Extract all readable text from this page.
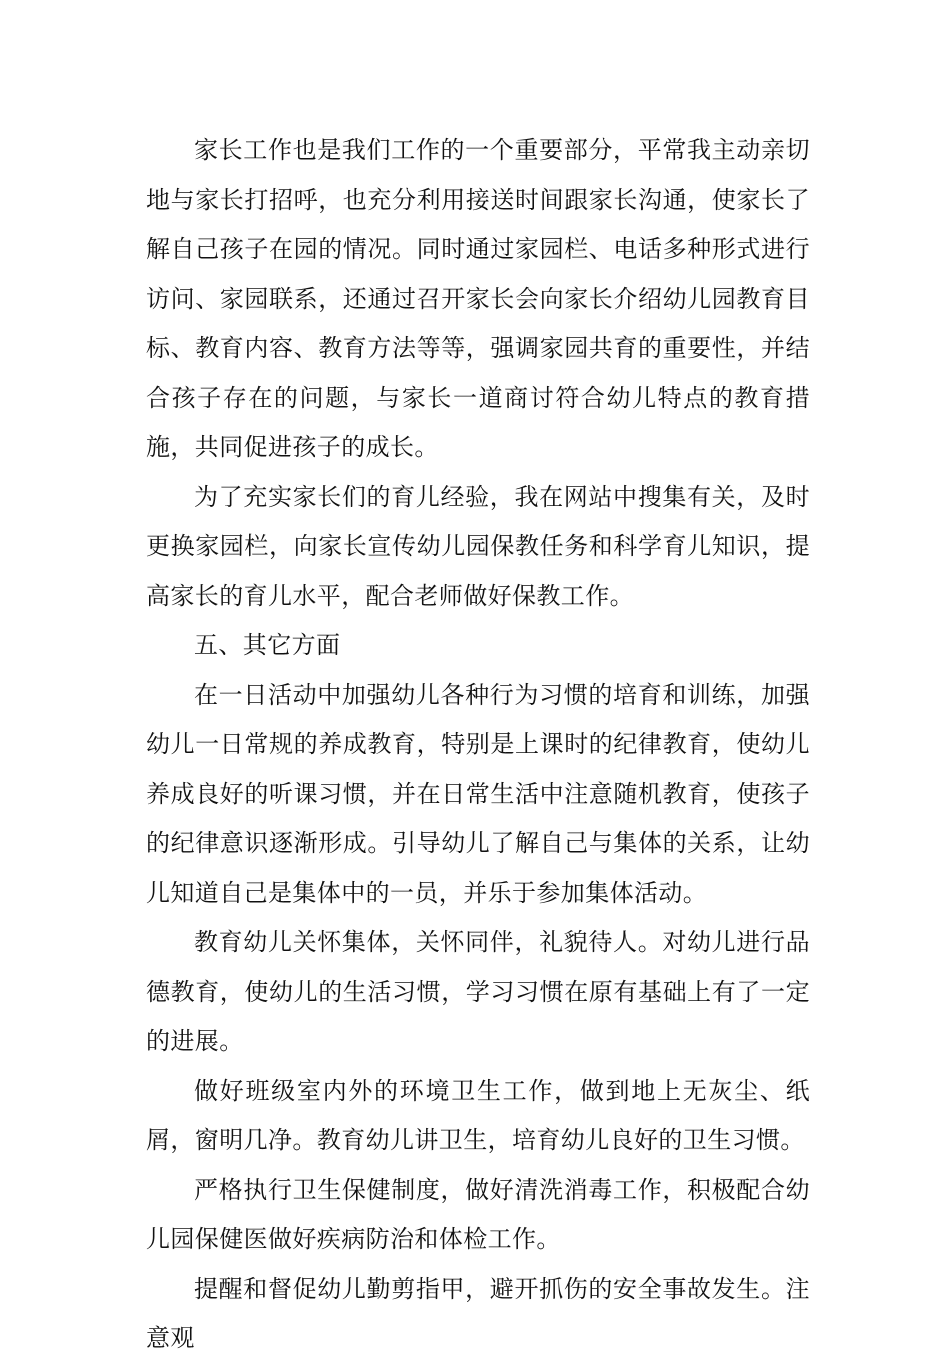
家长工作也是我们工作的一个重要部分，平常我主动亲切地与家长打招呼，也充分利用接送时间跟家长沟通，使家长了解自己孩子在园的情况。同时通过家园栏、电话多种形式进行访问、家园联系，还通过召开家长会向家长介绍幼儿园教育目标、教育内容、教育方法等等，强调家园共育的重要性，并结合孩子存在的问题，与家长一道商讨符合幼儿特点的教育措施，共同促进孩子的成长。

为了充实家长们的育儿经验，我在网站中搜集有关，及时更换家园栏，向家长宣传幼儿园保教任务和科学育儿知识，提高家长的育儿水平，配合老师做好保教工作。

五、其它方面

在一日活动中加强幼儿各种行为习惯的培育和训练，加强幼儿一日常规的养成教育，特别是上课时的纪律教育，使幼儿养成良好的听课习惯，并在日常生活中注意随机教育，使孩子的纪律意识逐渐形成。引导幼儿了解自己与集体的关系，让幼儿知道自己是集体中的一员，并乐于参加集体活动。

教育幼儿关怀集体，关怀同伴，礼貌待人。对幼儿进行品德教育，使幼儿的生活习惯，学习习惯在原有基础上有了一定的进展。

做好班级室内外的环境卫生工作，做到地上无灰尘、纸屑，窗明几净。教育幼儿讲卫生，培育幼儿良好的卫生习惯。

严格执行卫生保健制度，做好清洗消毒工作，积极配合幼儿园保健医做好疾病防治和体检工作。

提醒和督促幼儿勤剪指甲，避开抓伤的安全事故发生。注意观
